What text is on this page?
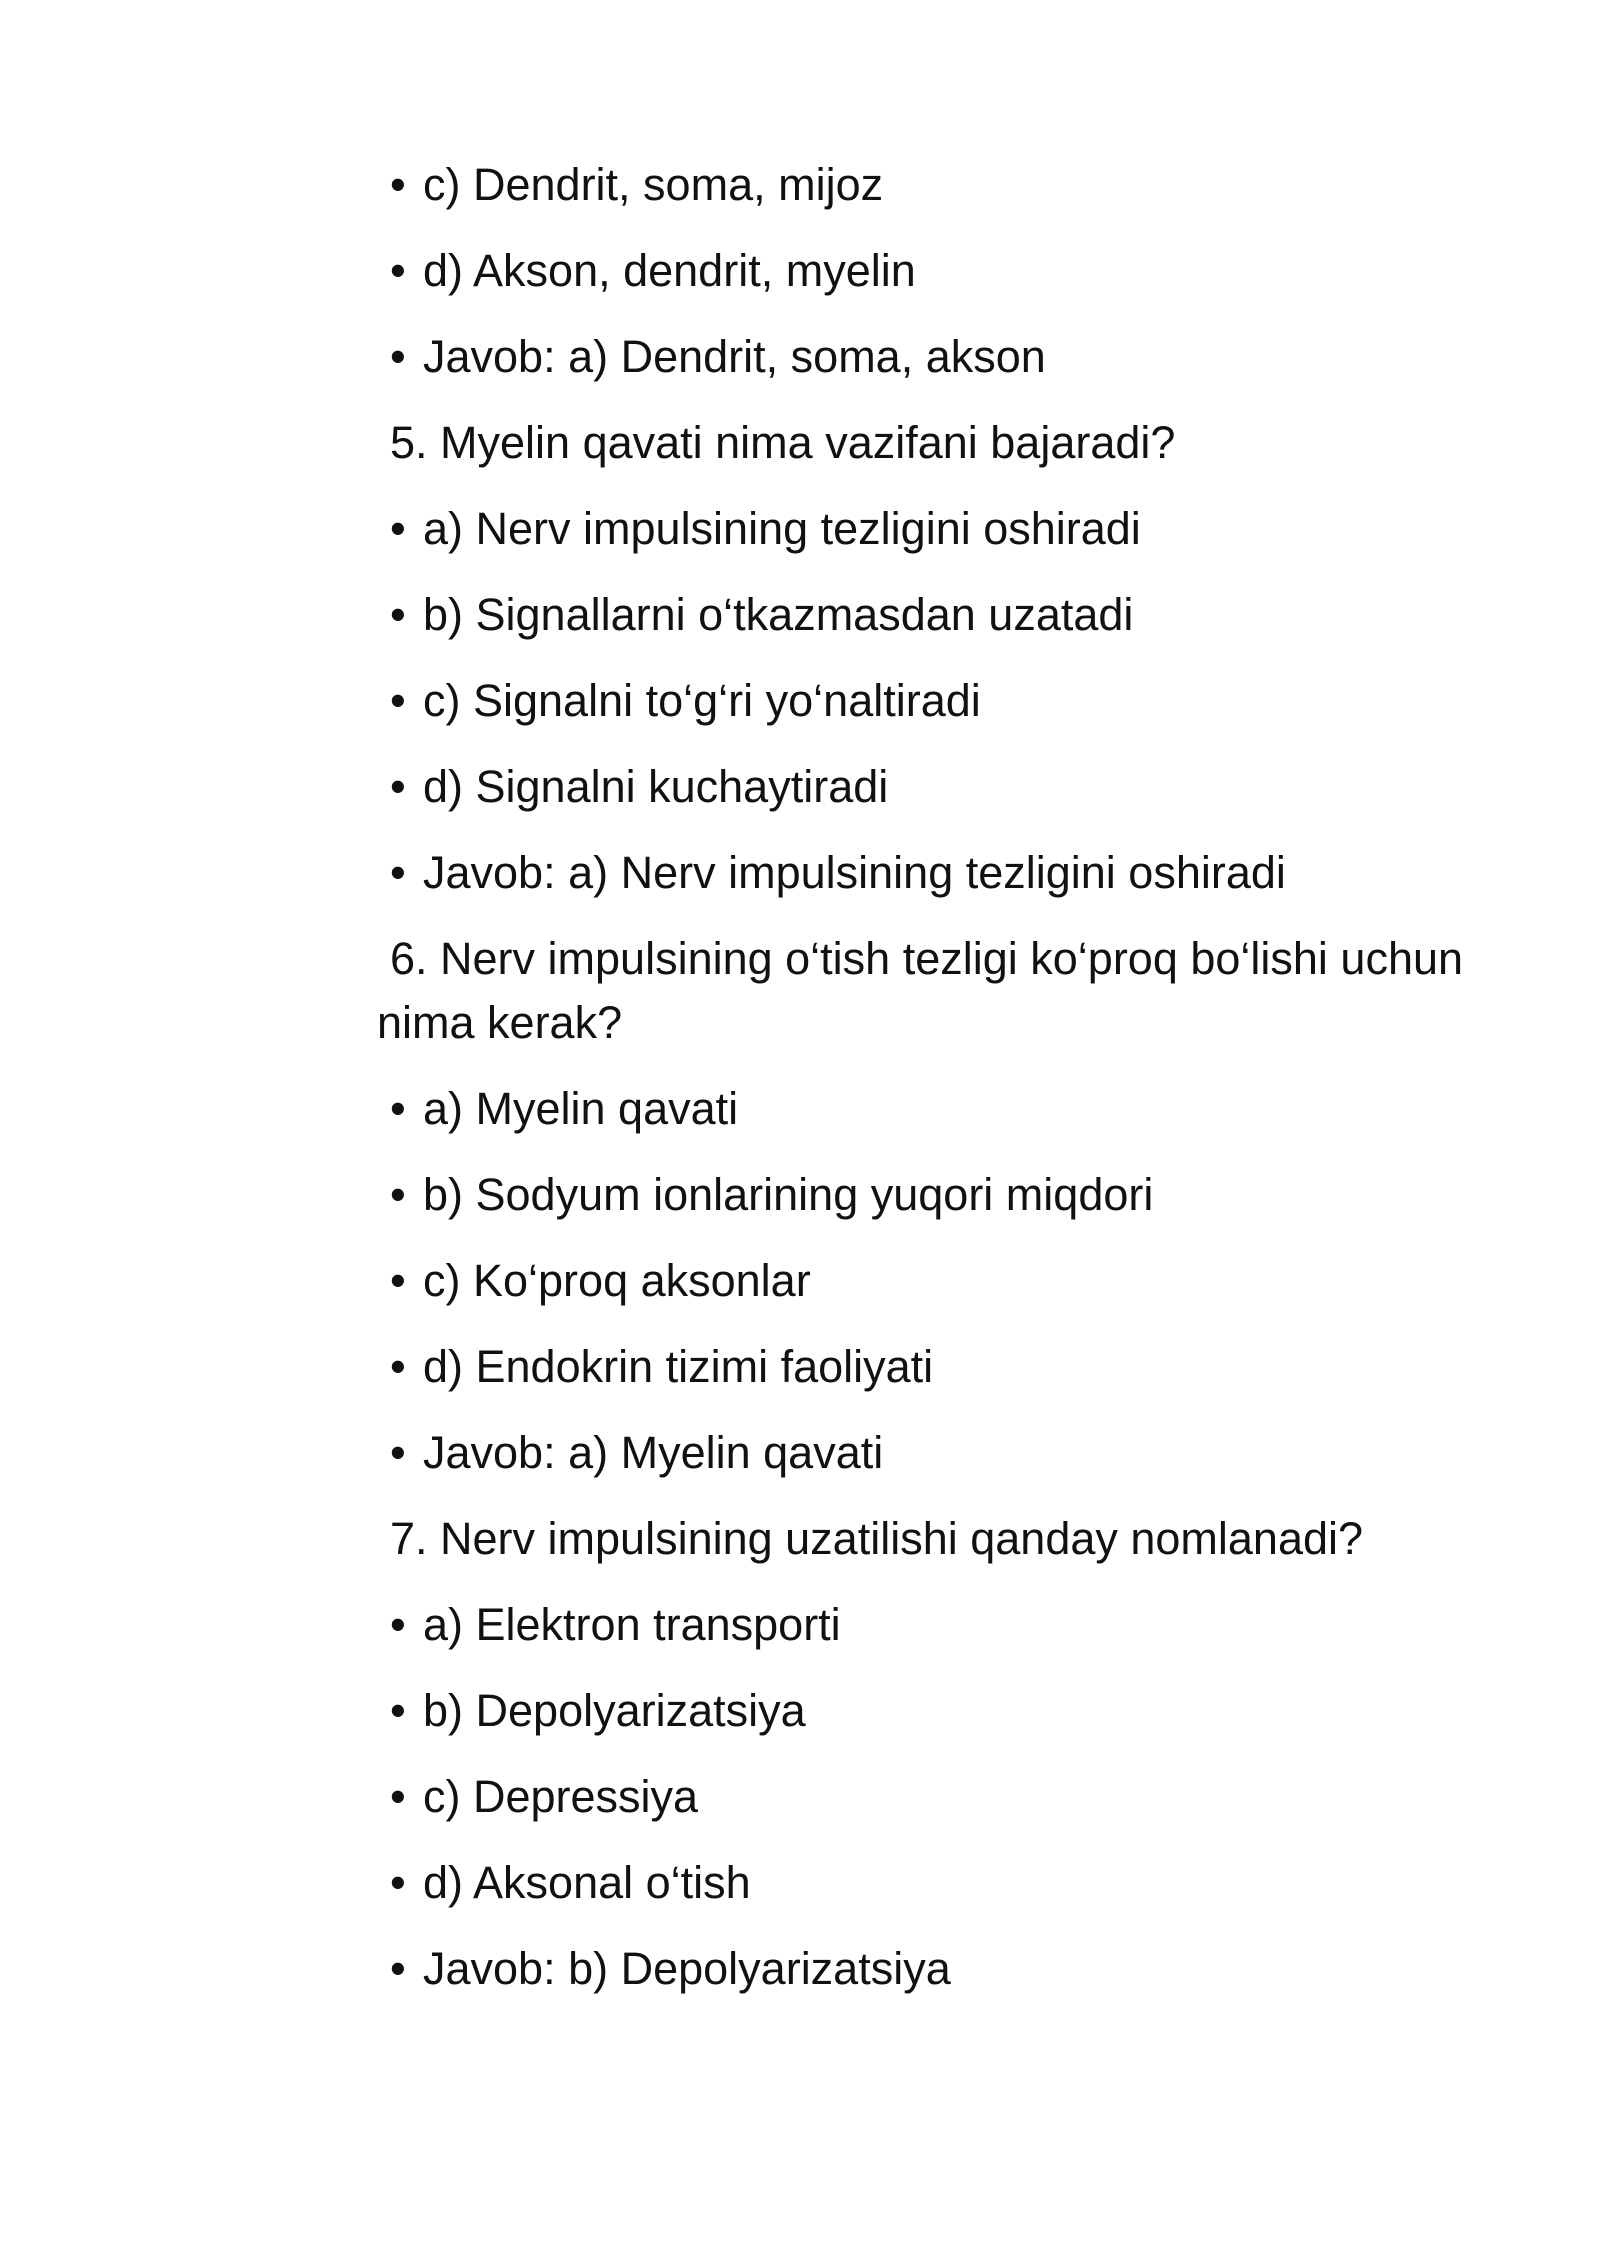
• c) Dendrit, soma, mijoz

• d) Akson, dendrit, myelin

• Javob: a) Dendrit, soma, akson

5. Myelin qavati nima vazifani bajaradi?

• a) Nerv impulsining tezligini oshiradi

• b) Signallarni o‘tkazmasdan uzatadi

• c) Signalni to‘g‘ri yo‘naltiradi

• d) Signalni kuchaytiradi

• Javob: a) Nerv impulsining tezligini oshiradi

6. Nerv impulsining o‘tish tezligi ko‘proq bo‘lishi uchun nima kerak?

• a) Myelin qavati

• b) Sodyum ionlarining yuqori miqdori

• c) Ko‘proq aksonlar

• d) Endokrin tizimi faoliyati

• Javob: a) Myelin qavati

7. Nerv impulsining uzatilishi qanday nomlanadi?

• a) Elektron transporti

• b) Depolyarizatsiya

• c) Depressiya

• d) Aksonal o‘tish

• Javob: b) Depolyarizatsiya
